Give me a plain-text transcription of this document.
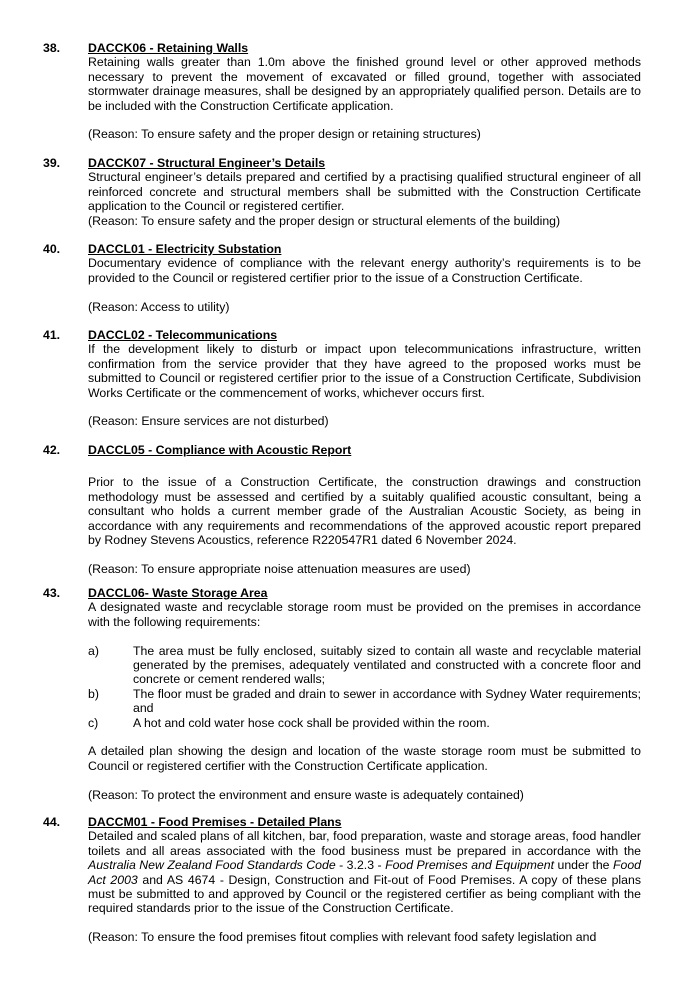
38. DACCK06 - Retaining Walls

Retaining walls greater than 1.0m above the finished ground level or other approved methods necessary to prevent the movement of excavated or filled ground, together with associated stormwater drainage measures, shall be designed by an appropriately qualified person. Details are to be included with the Construction Certificate application.

(Reason: To ensure safety and the proper design or retaining structures)

39. DACCK07 - Structural Engineer’s Details

Structural engineer’s details prepared and certified by a practising qualified structural engineer of all reinforced concrete and structural members shall be submitted with the Construction Certificate application to the Council or registered certifier.

(Reason: To ensure safety and the proper design or structural elements of the building)

40. DACCL01 - Electricity Substation

Documentary evidence of compliance with the relevant energy authority’s requirements is to be provided to the Council or registered certifier prior to the issue of a Construction Certificate.

(Reason: Access to utility)

41. DACCL02 - Telecommunications

If the development likely to disturb or impact upon telecommunications infrastructure, written confirmation from the service provider that they have agreed to the proposed works must be submitted to Council or registered certifier prior to the issue of a Construction Certificate, Subdivision Works Certificate or the commencement of works, whichever occurs first.

(Reason: Ensure services are not disturbed)

42. DACCL05 - Compliance with Acoustic Report

Prior to the issue of a Construction Certificate, the construction drawings and construction methodology must be assessed and certified by a suitably qualified acoustic consultant, being a consultant who holds a current member grade of the Australian Acoustic Society, as being in accordance with any requirements and recommendations of the approved acoustic report prepared by Rodney Stevens Acoustics, reference R220547R1 dated 6 November 2024.

(Reason: To ensure appropriate noise attenuation measures are used)

43. DACCL06- Waste Storage Area

A designated waste and recyclable storage room must be provided on the premises in accordance with the following requirements:

a)	The area must be fully enclosed, suitably sized to contain all waste and recyclable material generated by the premises, adequately ventilated and constructed with a concrete floor and concrete or cement rendered walls;
b)	The floor must be graded and drain to sewer in accordance with Sydney Water requirements; and
c)	A hot and cold water hose cock shall be provided within the room.

A detailed plan showing the design and location of the waste storage room must be submitted to Council or registered certifier with the Construction Certificate application.

(Reason: To protect the environment and ensure waste is adequately contained)

44. DACCM01 - Food Premises - Detailed Plans

Detailed and scaled plans of all kitchen, bar, food preparation, waste and storage areas, food handler toilets and all areas associated with the food business must be prepared in accordance with the Australia New Zealand Food Standards Code - 3.2.3 - Food Premises and Equipment under the Food Act 2003 and AS 4674 - Design, Construction and Fit-out of Food Premises. A copy of these plans must be submitted to and approved by Council or the registered certifier as being compliant with the required standards prior to the issue of the Construction Certificate.

(Reason: To ensure the food premises fitout complies with relevant food safety legislation and
